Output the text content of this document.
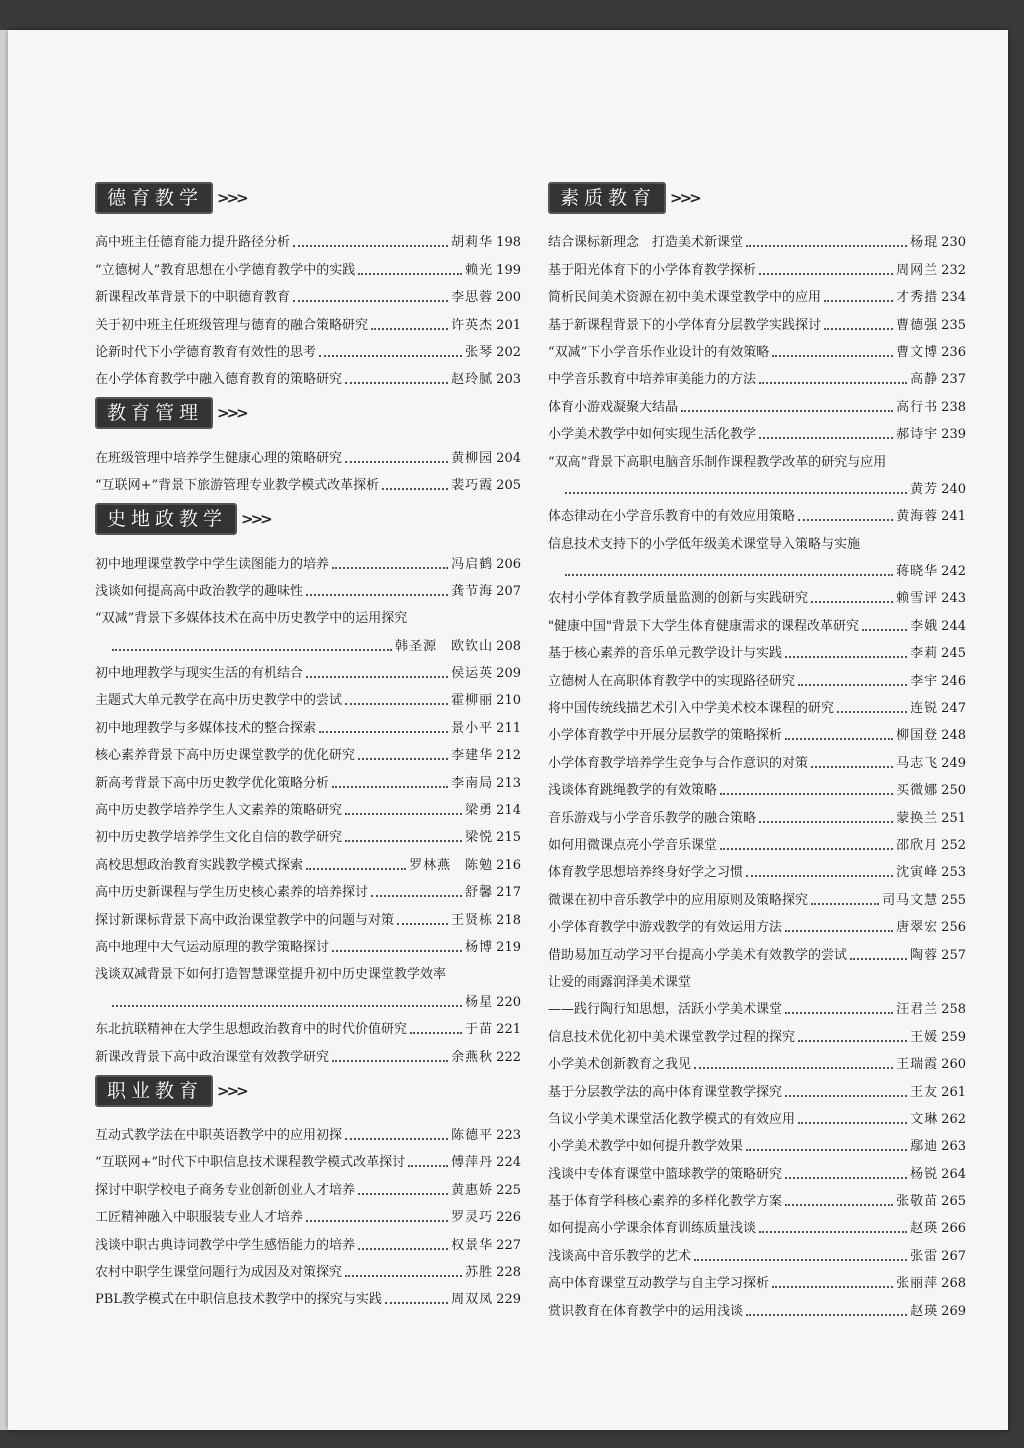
德育教学 >>>
高中班主任德育能力提升路径分析	胡莉华 198
“立德树人”教育思想在小学德育教学中的实践	赖光 199
新课程改革背景下的中职德育教育	李思蓉 200
关于初中班主任班级管理与德育的融合策略研究	许英杰 201
论新时代下小学德育教育有效性的思考	张琴 202
在小学体育教学中融入德育教育的策略研究	赵玲腻 203
教育管理 >>>
在班级管理中培养学生健康心理的策略研究	黄柳园 204
“互联网+”背景下旅游管理专业教学模式改革探析	裴巧霞 205
史地政教学 >>>
初中地理课堂教学中学生读图能力的培养	冯启鹤 206
浅谈如何提高高中政治教学的趣味性	龚节海 207
“双减”背景下多媒体技术在高中历史教学中的运用探究
韩圣源　欧钦山 208
初中地理教学与现实生活的有机结合	侯运英 209
主题式大单元教学在高中历史教学中的尝试	霍柳丽 210
初中地理教学与多媒体技术的整合探索	景小平 211
核心素养背景下高中历史课堂教学的优化研究	李建华 212
新高考背景下高中历史教学优化策略分析	李南局 213
高中历史教学培养学生人文素养的策略研究	梁勇 214
初中历史教学培养学生文化自信的教学研究	梁悦 215
高校思想政治教育实践教学模式探索	罗林燕　陈勉 216
高中历史新课程与学生历史核心素养的培养探讨	舒馨 217
探讨新课标背景下高中政治课堂教学中的问题与对策	王贤栋 218
高中地理中大气运动原理的教学策略探讨	杨博 219
浅谈双减背景下如何打造智慧课堂提升初中历史课堂教学效率
杨星 220
东北抗联精神在大学生思想政治教育中的时代价值研究	于苗 221
新课改背景下高中政治课堂有效教学研究	余燕秋 222
职业教育 >>>
互动式教学法在中职英语教学中的应用初探	陈德平 223
“互联网+”时代下中职信息技术课程教学模式改革探讨	傅萍丹 224
探讨中职学校电子商务专业创新创业人才培养	黄惠娇 225
工匠精神融入中职服装专业人才培养	罗灵巧 226
浅谈中职古典诗词教学中学生感悟能力的培养	权景华 227
农村中职学生课堂问题行为成因及对策探究	苏胜 228
PBL教学模式在中职信息技术教学中的探究与实践	周双凤 229
素质教育 >>>
结合课标新理念　打造美术新课堂	杨琨 230
基于阳光体育下的小学体育教学探析	周网兰 232
简析民间美术资源在初中美术课堂教学中的应用	才秀措 234
基于新课程背景下的小学体育分层教学实践探讨	曹德强 235
“双减”下小学音乐作业设计的有效策略	曹文博 236
中学音乐教育中培养审美能力的方法	高静 237
体育小游戏凝聚大结晶	高行书 238
小学美术教学中如何实现生活化教学	郝诗宇 239
“双高”背景下高职电脑音乐制作课程教学改革的研究与应用
黄芳 240
体态律动在小学音乐教育中的有效应用策略	黄海蓉 241
信息技术支持下的小学低年级美术课堂导入策略与实施
蒋晓华 242
农村小学体育教学质量监测的创新与实践研究	赖雪评 243
"健康中国"背景下大学生体育健康需求的课程改革研究	李娥 244
基于核心素养的音乐单元教学设计与实践	李莉 245
立德树人在高职体育教学中的实现路径研究	李宇 246
将中国传统线描艺术引入中学美术校本课程的研究	连锐 247
小学体育教学中开展分层教学的策略探析	柳国登 248
小学体育教学培养学生竞争与合作意识的对策	马志飞 249
浅谈体育跳绳教学的有效策略	买微娜 250
音乐游戏与小学音乐教学的融合策略	蒙换兰 251
如何用微课点亮小学音乐课堂	邵欣月 252
体育教学思想培养终身好学之习惯	沈寅峰 253
微课在初中音乐教学中的应用原则及策略探究	司马文慧 255
小学体育教学中游戏教学的有效运用方法	唐翠宏 256
借助易加互动学习平台提高小学美术有效教学的尝试	陶蓉 257
让爱的雨露润泽美术课堂
——践行陶行知思想，活跃小学美术课堂	汪君兰 258
信息技术优化初中美术课堂教学过程的探究	王媛 259
小学美术创新教育之我见	王瑞霞 260
基于分层教学法的高中体育课堂教学探究	王友 261
刍议小学美术课堂活化教学模式的有效应用	文琳 262
小学美术教学中如何提升教学效果	鄢迪 263
浅谈中专体育课堂中篮球教学的策略研究	杨锐 264
基于体育学科核心素养的多样化教学方案	张敬苗 265
如何提高小学课余体育训练质量浅谈	赵瑛 266
浅谈高中音乐教学的艺术	张雷 267
高中体育课堂互动教学与自主学习探析	张丽萍 268
赏识教育在体育教学中的运用浅谈	赵瑛 269
